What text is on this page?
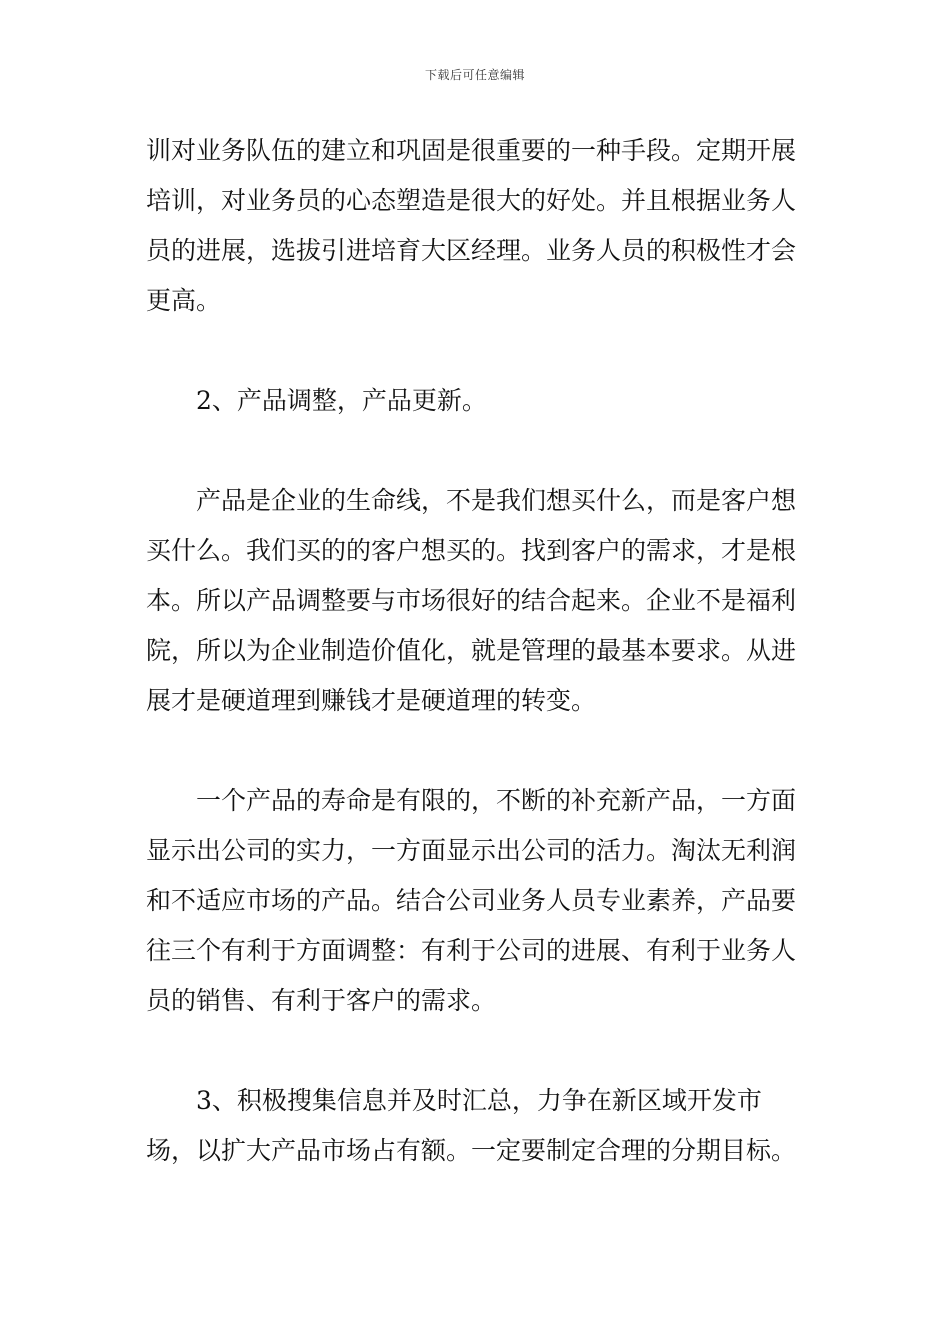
下载后可任意编辑

训对业务队伍的建立和巩固是很重要的一种手段。定期开展培训，对业务员的心态塑造是很大的好处。并且根据业务人员的进展，选拔引进培育大区经理。业务人员的积极性才会更高。

2、产品调整，产品更新。

产品是企业的生命线，不是我们想买什么，而是客户想买什么。我们买的的客户想买的。找到客户的需求，才是根本。所以产品调整要与市场很好的结合起来。企业不是福利院，所以为企业制造价值化，就是管理的最基本要求。从进展才是硬道理到赚钱才是硬道理的转变。

一个产品的寿命是有限的，不断的补充新产品，一方面显示出公司的实力，一方面显示出公司的活力。淘汰无利润和不适应市场的产品。结合公司业务人员专业素养，产品要往三个有利于方面调整：有利于公司的进展、有利于业务人员的销售、有利于客户的需求。

3、积极搜集信息并及时汇总，力争在新区域开发市场，以扩大产品市场占有额。一定要制定合理的分期目标。
